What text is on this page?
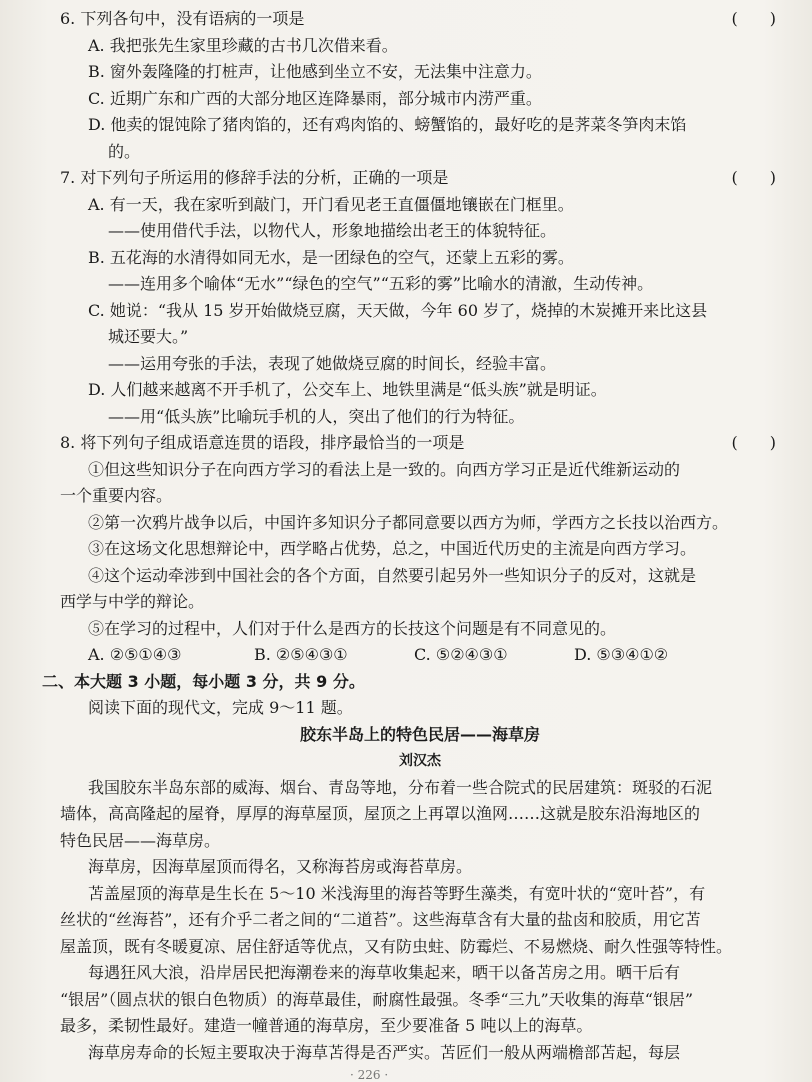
6. 下列各句中，没有语病的一项是	(　　)
A. 我把张先生家里珍藏的古书几次借来看。
B. 窗外轰隆隆的打桩声，让他感到坐立不安，无法集中注意力。
C. 近期广东和广西的大部分地区连降暴雨，部分城市内涝严重。
D. 他卖的馄饨除了猪肉馅的，还有鸡肉馅的、螃蟹馅的，最好吃的是荠菜冬笋肉末馅
的。
7. 对下列句子所运用的修辞手法的分析，正确的一项是	(　　)
A. 有一天，我在家听到敲门，开门看见老王直僵僵地镶嵌在门框里。
——使用借代手法，以物代人，形象地描绘出老王的体貌特征。
B. 五花海的水清得如同无水，是一团绿色的空气，还蒙上五彩的雾。
——连用多个喻体“无水”“绿色的空气”“五彩的雾”比喻水的清澈，生动传神。
C. 她说：“我从 15 岁开始做烧豆腐，天天做，今年 60 岁了，烧掉的木炭摊开来比这县
城还要大。”
——运用夸张的手法，表现了她做烧豆腐的时间长，经验丰富。
D. 人们越来越离不开手机了，公交车上、地铁里满是“低头族”就是明证。
——用“低头族”比喻玩手机的人，突出了他们的行为特征。
8. 将下列句子组成语意连贯的语段，排序最恰当的一项是	(　　)
①但这些知识分子在向西方学习的看法上是一致的。向西方学习正是近代维新运动的
一个重要内容。
②第一次鸦片战争以后，中国许多知识分子都同意要以西方为师，学西方之长技以治西方。
③在这场文化思想辩论中，西学略占优势，总之，中国近代历史的主流是向西方学习。
④这个运动牵涉到中国社会的各个方面，自然要引起另外一些知识分子的反对，这就是
西学与中学的辩论。
⑤在学习的过程中，人们对于什么是西方的长技这个问题是有不同意见的。
A. ②⑤①④③	B. ②⑤④③①	C. ⑤②④③①	D. ⑤③④①②
二、本大题 3 小题，每小题 3 分，共 9 分。
阅读下面的现代文，完成 9～11 题。
胶东半岛上的特色民居——海草房
刘汉杰
我国胶东半岛东部的威海、烟台、青岛等地，分布着一些合院式的民居建筑：斑驳的石泥
墙体，高高隆起的屋脊，厚厚的海草屋顶，屋顶之上再罩以渔网……这就是胶东沿海地区的
特色民居——海草房。
海草房，因海草屋顶而得名，又称海苔房或海苔草房。
苫盖屋顶的海草是生长在 5～10 米浅海里的海苔等野生藻类，有宽叶状的“宽叶苔”，有
丝状的“丝海苔”，还有介乎二者之间的“二道苔”。这些海草含有大量的盐卤和胶质，用它苫
屋盖顶，既有冬暖夏凉、居住舒适等优点，又有防虫蛀、防霉烂、不易燃烧、耐久性强等特性。
每遇狂风大浪，沿岸居民把海潮卷来的海草收集起来，晒干以备苫房之用。晒干后有
“银居”（圆点状的银白色物质）的海草最佳，耐腐性最强。冬季“三九”天收集的海草“银居”
最多，柔韧性最好。建造一幢普通的海草房，至少要准备 5 吨以上的海草。
海草房寿命的长短主要取决于海草苫得是否严实。苫匠们一般从两端檐部苫起，每层
· 226 ·
